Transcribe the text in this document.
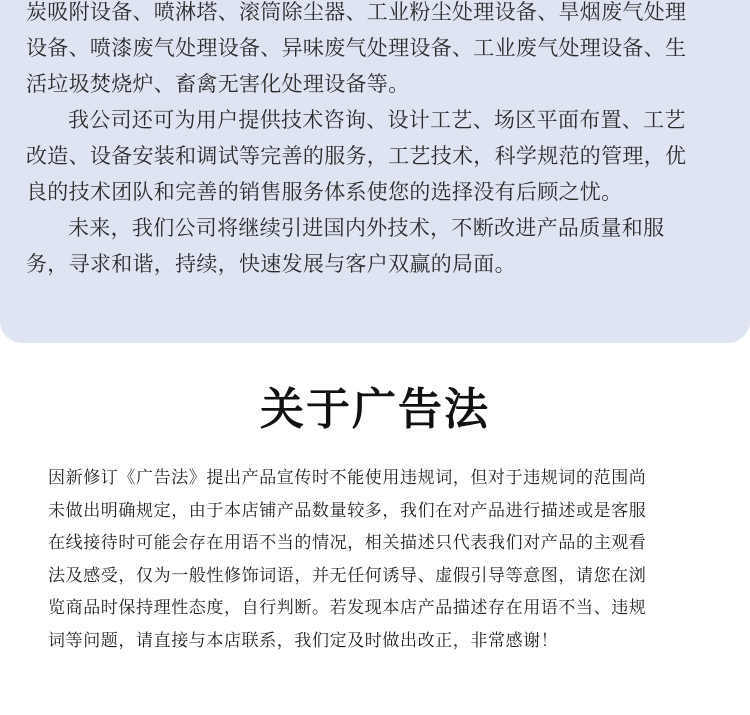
炭吸附设备、喷淋塔、滚筒除尘器、工业粉尘处理设备、旱烟废气处理
设备、喷漆废气处理设备、异味废气处理设备、工业废气处理设备、生
活垃圾焚烧炉、畜禽无害化处理设备等。

我公司还可为用户提供技术咨询、设计工艺、场区平面布置、工艺
改造、设备安装和调试等完善的服务，工艺技术，科学规范的管理，优
良的技术团队和完善的销售服务体系使您的选择没有后顾之忧。

未来，我们公司将继续引进国内外技术，不断改进产品质量和服
务，寻求和谐，持续，快速发展与客户双赢的局面。

关于广告法

因新修订《广告法》提出产品宣传时不能使用违规词，但对于违规词的范围尚
未做出明确规定，由于本店铺产品数量较多，我们在对产品进行描述或是客服
在线接待时可能会存在用语不当的情况，相关描述只代表我们对产品的主观看
法及感受，仅为一般性修饰词语，并无任何诱导、虚假引导等意图，请您在浏
览商品时保持理性态度，自行判断。若发现本店产品描述存在用语不当、违规
词等问题，请直接与本店联系，我们定及时做出改正，非常感谢！
